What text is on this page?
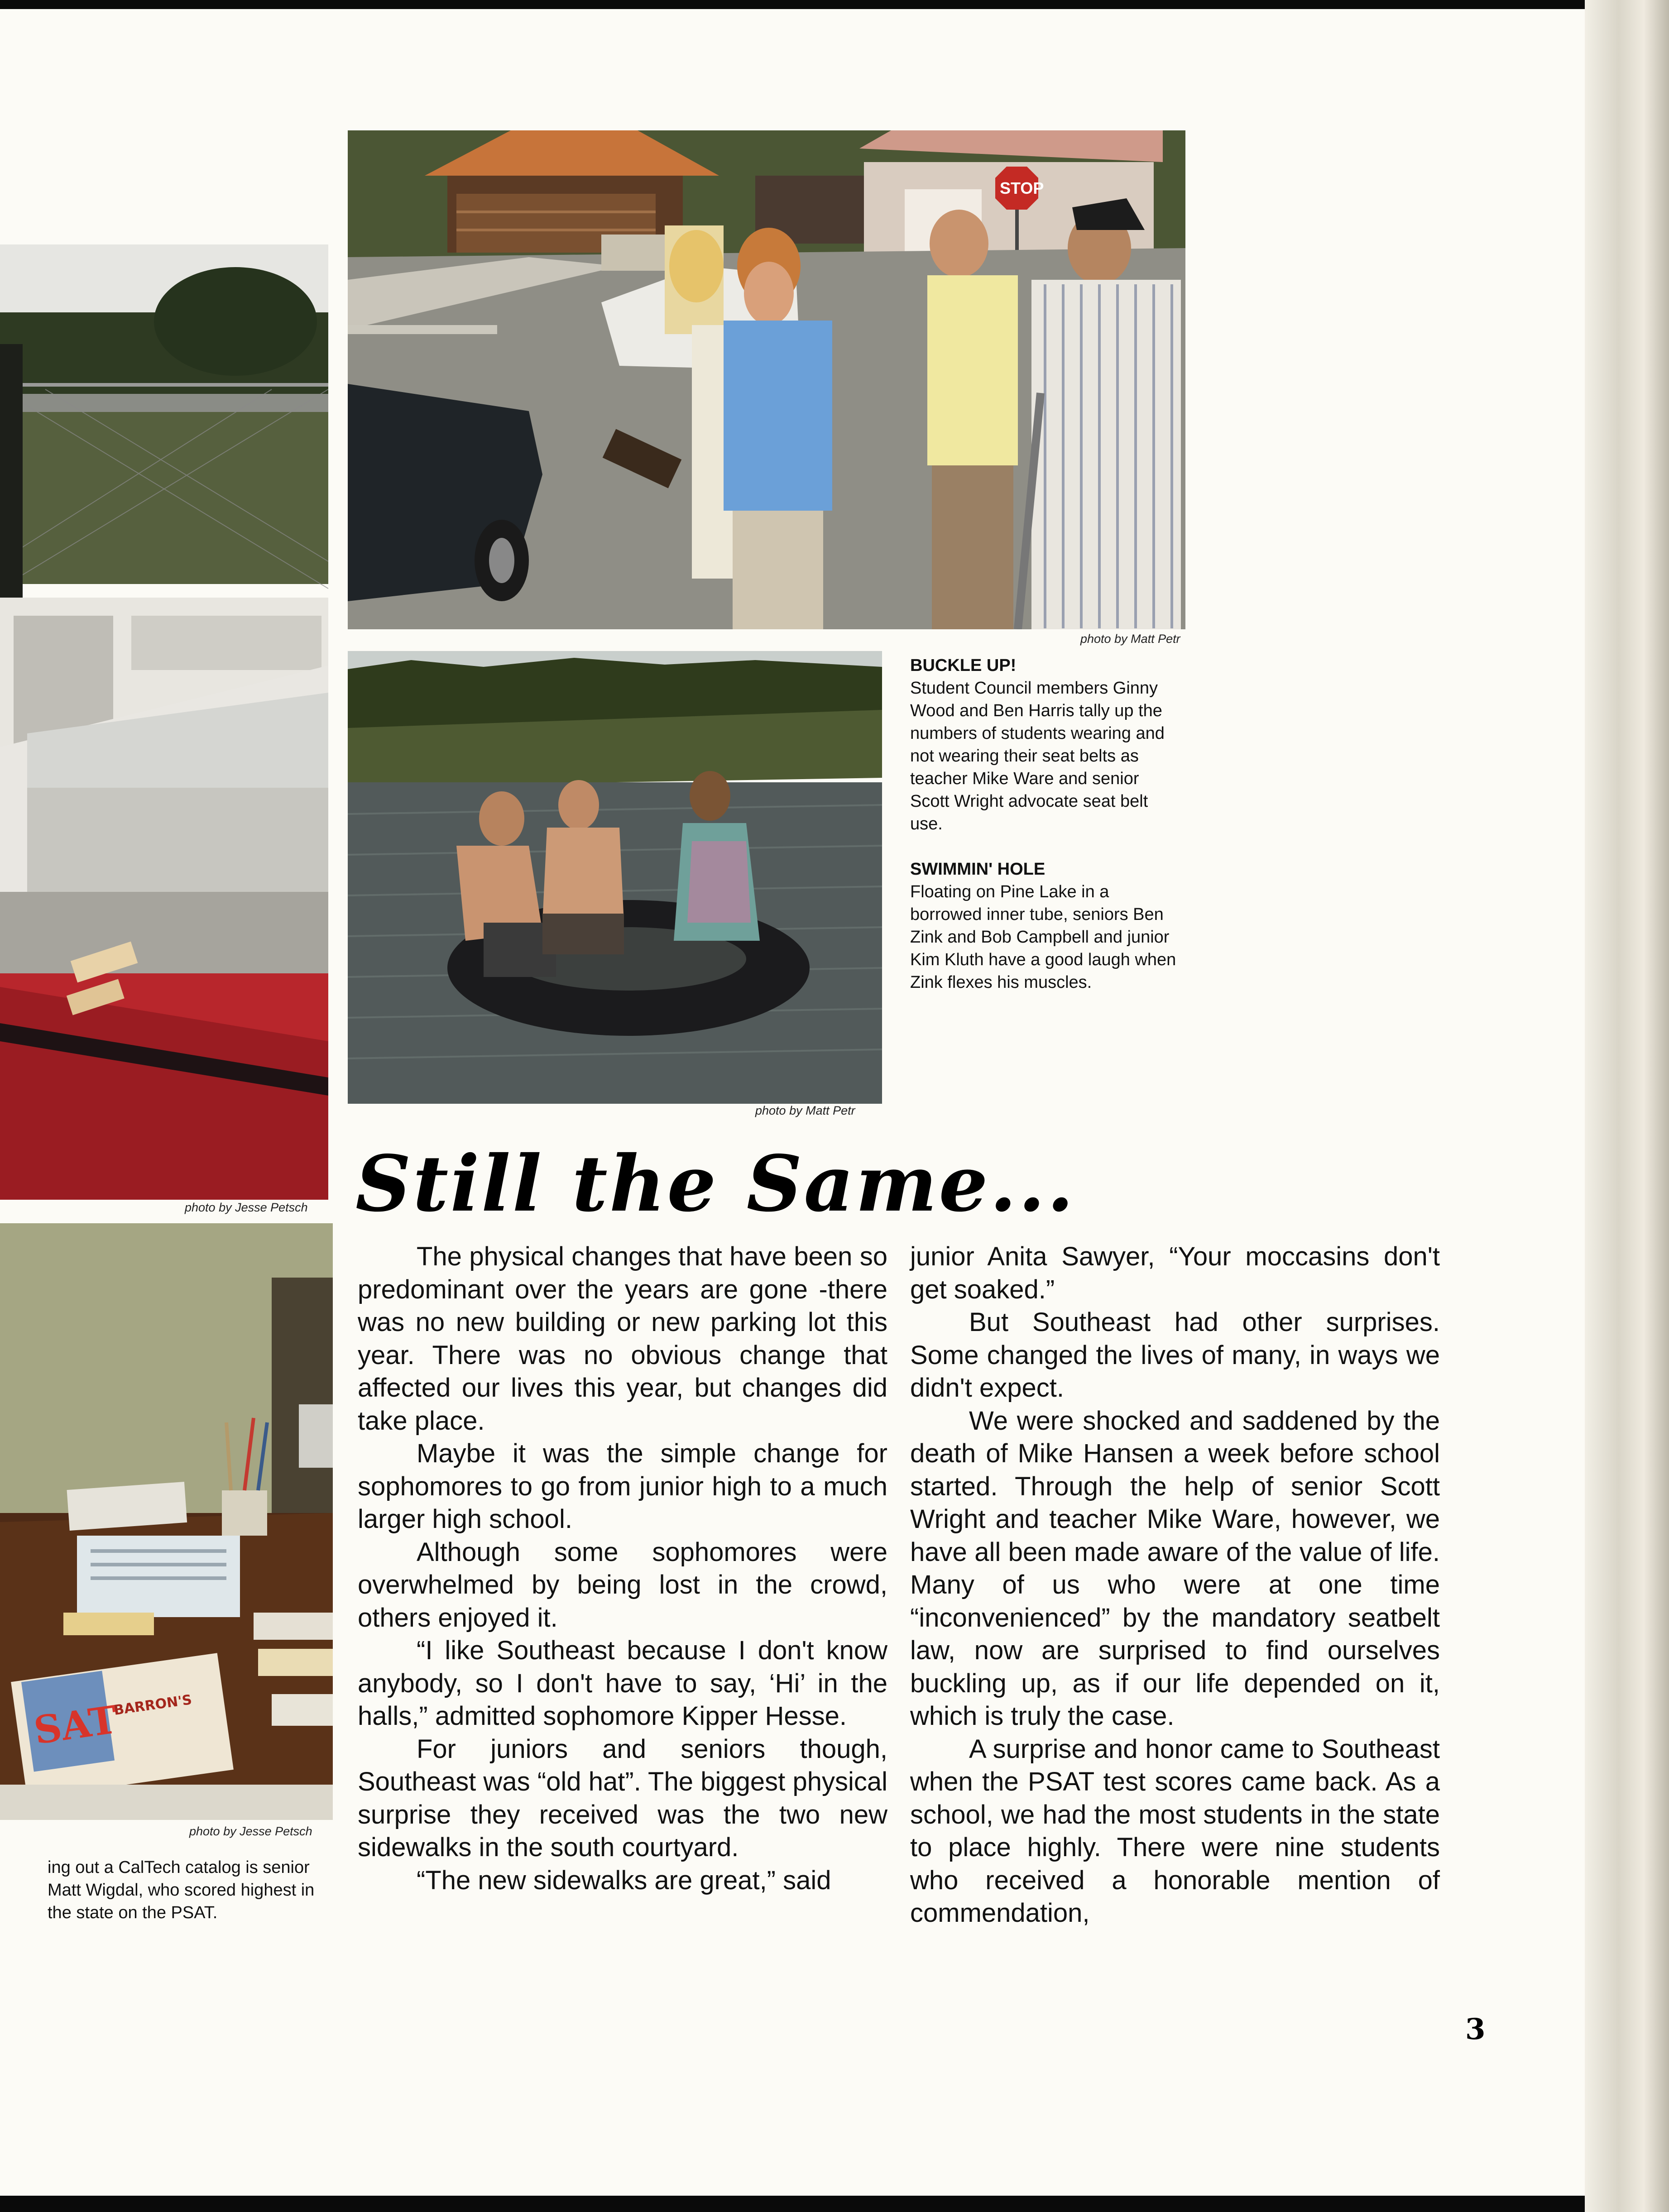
photo by Jesse Petsch
SAT
BARRON'S
photo by Jesse Petsch
ing out a CalTech catalog is senior Matt Wigdal, who scored highest in the state on the PSAT.
STOP
photo by Matt Petr
photo by Matt Petr
BUCKLE UP!
Student Council members Ginny Wood and Ben Harris tally up the numbers of students wearing and not wearing their seat belts as teacher Mike Ware and senior Scott Wright advocate seat belt use.
SWIMMIN' HOLE
Floating on Pine Lake in a borrowed inner tube, seniors Ben Zink and Bob Campbell and junior Kim Kluth have a good laugh when Zink flexes his muscles.
Still the Same...

The physical changes that have been so predominant over the years are gone -there was no new building or new parking lot this year. There was no obvious change that affected our lives this year, but changes did take place.

Maybe it was the simple change for sophomores to go from junior high to a much larger high school.

Although some sophomores were overwhelmed by being lost in the crowd, others enjoyed it.

“I like Southeast because I don't know anybody, so I don't have to say, ‘Hi’ in the halls,” admitted sophomore Kipper Hesse.

For juniors and seniors though, Southeast was “old hat”. The biggest physical surprise they received was the two new sidewalks in the south courtyard.

“The new sidewalks are great,” said

junior Anita Sawyer, “Your moccasins don't get soaked.”

But Southeast had other surprises. Some changed the lives of many, in ways we didn't expect.

We were shocked and saddened by the death of Mike Hansen a week before school started. Through the help of senior Scott Wright and teacher Mike Ware, however, we have all been made aware of the value of life. Many of us who were at one time “inconvenienced” by the mandatory seatbelt law, now are surprised to find ourselves buckling up, as if our life depended on it, which is truly the case.

A surprise and honor came to Southeast when the PSAT test scores came back. As a school, we had the most students in the state to place highly. There were nine students who received a honorable mention of commendation,

3
